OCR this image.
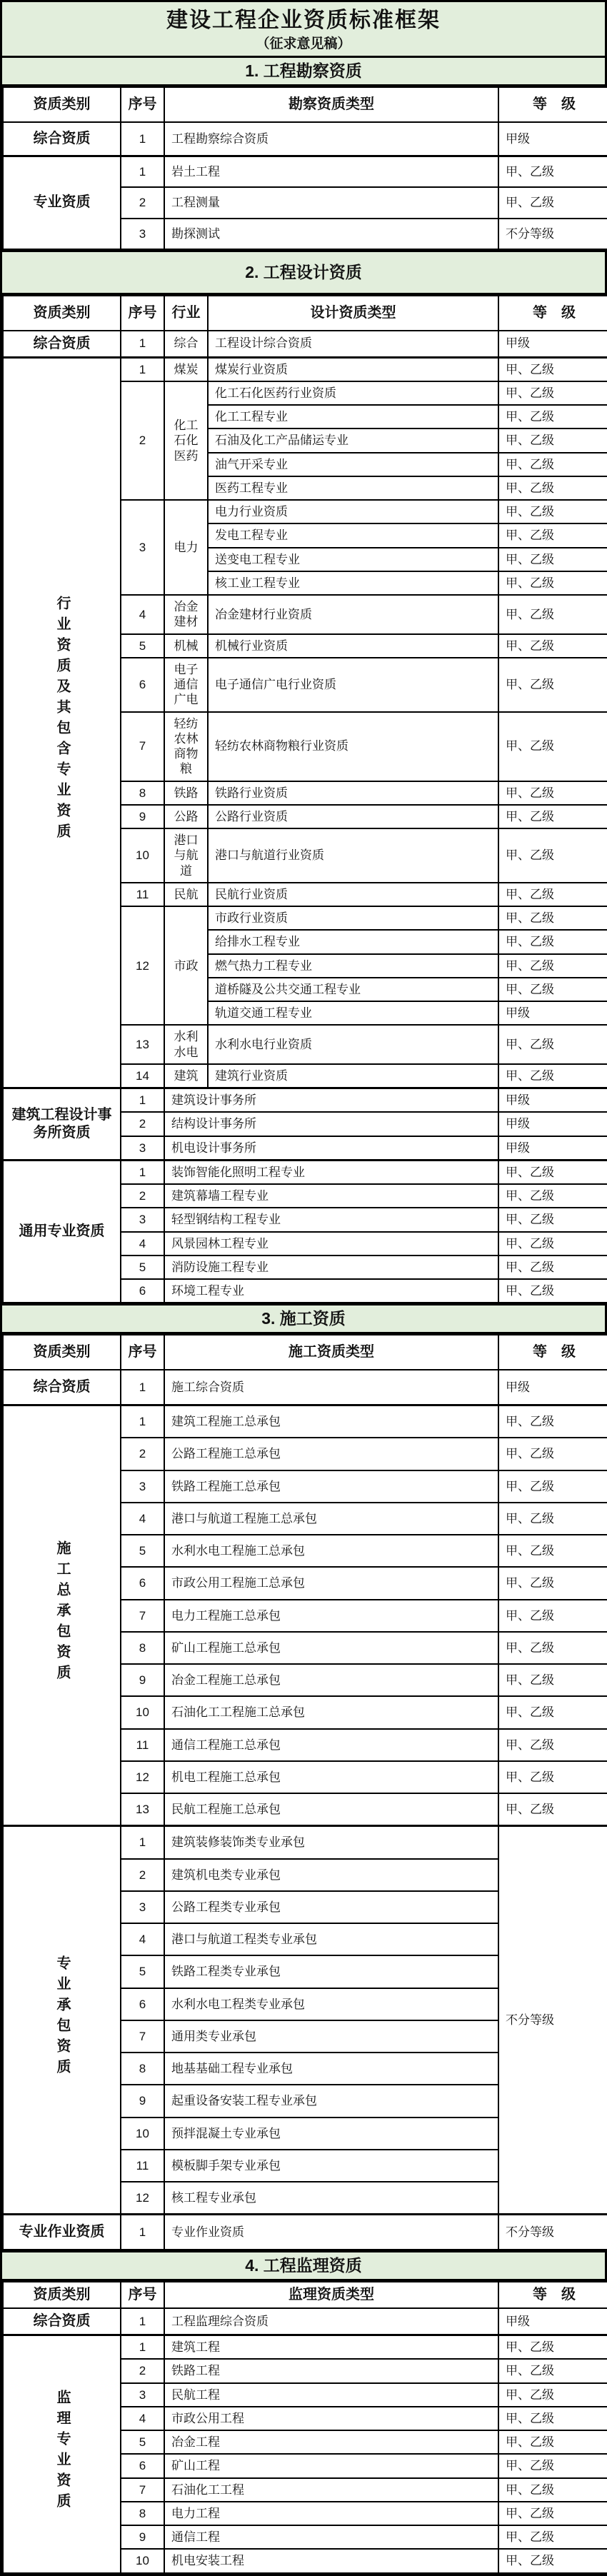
建设工程企业资质标准框架
（征求意见稿）
1. 工程勘察资质
资质类别	序号	勘察资质类型	等　级
综合资质	1	工程勘察综合资质	甲级
专业资质	1	岩土工程	甲、乙级
	2	工程测量	甲、乙级
	3	勘探测试	不分等级
2. 工程设计资质
资质类别	序号	行业	设计资质类型	等　级
综合资质	1	综合	工程设计综合资质	甲级
行业资质及其包含专业资质	1	煤炭	煤炭行业资质	甲、乙级
	2	化工石化医药	化工石化医药行业资质	甲、乙级
			化工工程专业	甲、乙级
			石油及化工产品储运专业	甲、乙级
			油气开采专业	甲、乙级
			医药工程专业	甲、乙级
	3	电力	电力行业资质	甲、乙级
			发电工程专业	甲、乙级
			送变电工程专业	甲、乙级
			核工业工程专业	甲、乙级
	4	冶金建材	冶金建材行业资质	甲、乙级
	5	机械	机械行业资质	甲、乙级
	6	电子通信广电	电子通信广电行业资质	甲、乙级
	7	轻纺农林商物粮	轻纺农林商物粮行业资质	甲、乙级
	8	铁路	铁路行业资质	甲、乙级
	9	公路	公路行业资质	甲、乙级
	10	港口与航道	港口与航道行业资质	甲、乙级
	11	民航	民航行业资质	甲、乙级
	12	市政	市政行业资质	甲、乙级
			给排水工程专业	甲、乙级
			燃气热力工程专业	甲、乙级
			道桥隧及公共交通工程专业	甲、乙级
			轨道交通工程专业	甲级
	13	水利水电	水利水电行业资质	甲、乙级
	14	建筑	建筑行业资质	甲、乙级
建筑工程设计事务所资质	1	建筑设计事务所		甲级
	2	结构设计事务所		甲级
	3	机电设计事务所		甲级
通用专业资质	1	装饰智能化照明工程专业		甲、乙级
	2	建筑幕墙工程专业		甲、乙级
	3	轻型钢结构工程专业		甲、乙级
	4	风景园林工程专业		甲、乙级
	5	消防设施工程专业		甲、乙级
	6	环境工程专业		甲、乙级
3. 施工资质
资质类别	序号	施工资质类型	等　级
综合资质	1	施工综合资质	甲级
施工总承包资质	1	建筑工程施工总承包	甲、乙级
	2	公路工程施工总承包	甲、乙级
	3	铁路工程施工总承包	甲、乙级
	4	港口与航道工程施工总承包	甲、乙级
	5	水利水电工程施工总承包	甲、乙级
	6	市政公用工程施工总承包	甲、乙级
	7	电力工程施工总承包	甲、乙级
	8	矿山工程施工总承包	甲、乙级
	9	冶金工程施工总承包	甲、乙级
	10	石油化工工程施工总承包	甲、乙级
	11	通信工程施工总承包	甲、乙级
	12	机电工程施工总承包	甲、乙级
	13	民航工程施工总承包	甲、乙级
专业承包资质	1	建筑装修装饰类专业承包	不分等级
	2	建筑机电类专业承包	
	3	公路工程类专业承包	
	4	港口与航道工程类专业承包	
	5	铁路工程类专业承包	
	6	水利水电工程类专业承包	
	7	通用类专业承包	
	8	地基基础工程专业承包	
	9	起重设备安装工程专业承包	
	10	预拌混凝土专业承包	
	11	模板脚手架专业承包	
	12	核工程专业承包	
专业作业资质	1	专业作业资质	不分等级
4. 工程监理资质
资质类别	序号	监理资质类型	等　级
综合资质	1	工程监理综合资质	甲级
监理专业资质	1	建筑工程	甲、乙级
	2	铁路工程	甲、乙级
	3	民航工程	甲、乙级
	4	市政公用工程	甲、乙级
	5	冶金工程	甲、乙级
	6	矿山工程	甲、乙级
	7	石油化工工程	甲、乙级
	8	电力工程	甲、乙级
	9	通信工程	甲、乙级
	10	机电安装工程	甲、乙级
